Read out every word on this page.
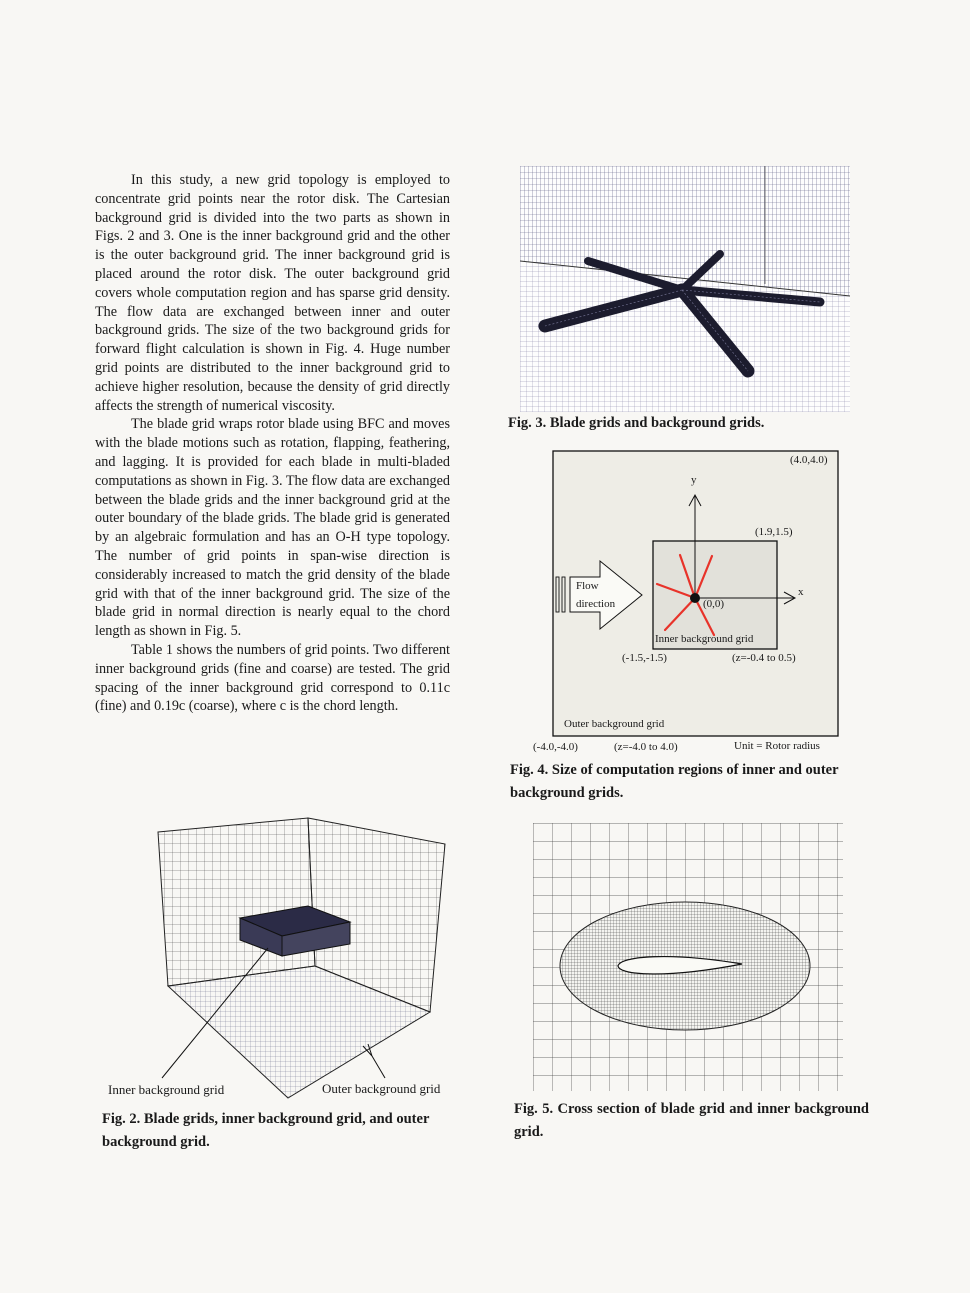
In this study, a new grid topology is employed to concentrate grid points near the rotor disk. The Cartesian background grid is divided into the two parts as shown in Figs. 2 and 3. One is the inner background grid and the other is the outer background grid. The inner background grid is placed around the rotor disk. The outer background grid covers whole computation region and has sparse grid density. The flow data are exchanged between inner and outer background grids. The size of the two background grids for forward flight calculation is shown in Fig. 4. Huge number grid points are distributed to the inner background grid to achieve higher resolution, because the density of grid directly affects the strength of numerical viscosity.

The blade grid wraps rotor blade using BFC and moves with the blade motions such as rotation, flapping, feathering, and lagging. It is provided for each blade in multi-bladed computations as shown in Fig. 3. The flow data are exchanged between the blade grids and the inner background grid at the outer boundary of the blade grids. The blade grid is generated by an algebraic formulation and has an O-H type topology. The number of grid points in span-wise direction is considerably increased to match the grid density of the blade grid with that of the inner background grid. The size of the blade grid in normal direction is nearly equal to the chord length as shown in Fig. 5.

Table 1 shows the numbers of grid points. Two different inner background grids (fine and coarse) are tested. The grid spacing of the inner background grid correspond to 0.11c (fine) and 0.19c (coarse), where c is the chord length.

Fig. 3. Blade grids and background grids.
(4.0,4.0)
(1.9,1.5)
y
x
(0,0)
Flow
direction
Inner background grid
(-1.5,-1.5)	(z=-0.4 to 0.5)
Outer background grid
(-4.0,-4.0)	(z=-4.0 to 4.0)	Unit = Rotor radius
Fig. 4. Size of computation regions of inner and outer background grids.
Inner background grid	Outer background grid
Fig. 2. Blade grids, inner background grid, and outer background grid.
Fig. 5. Cross section of blade grid and inner background grid.
